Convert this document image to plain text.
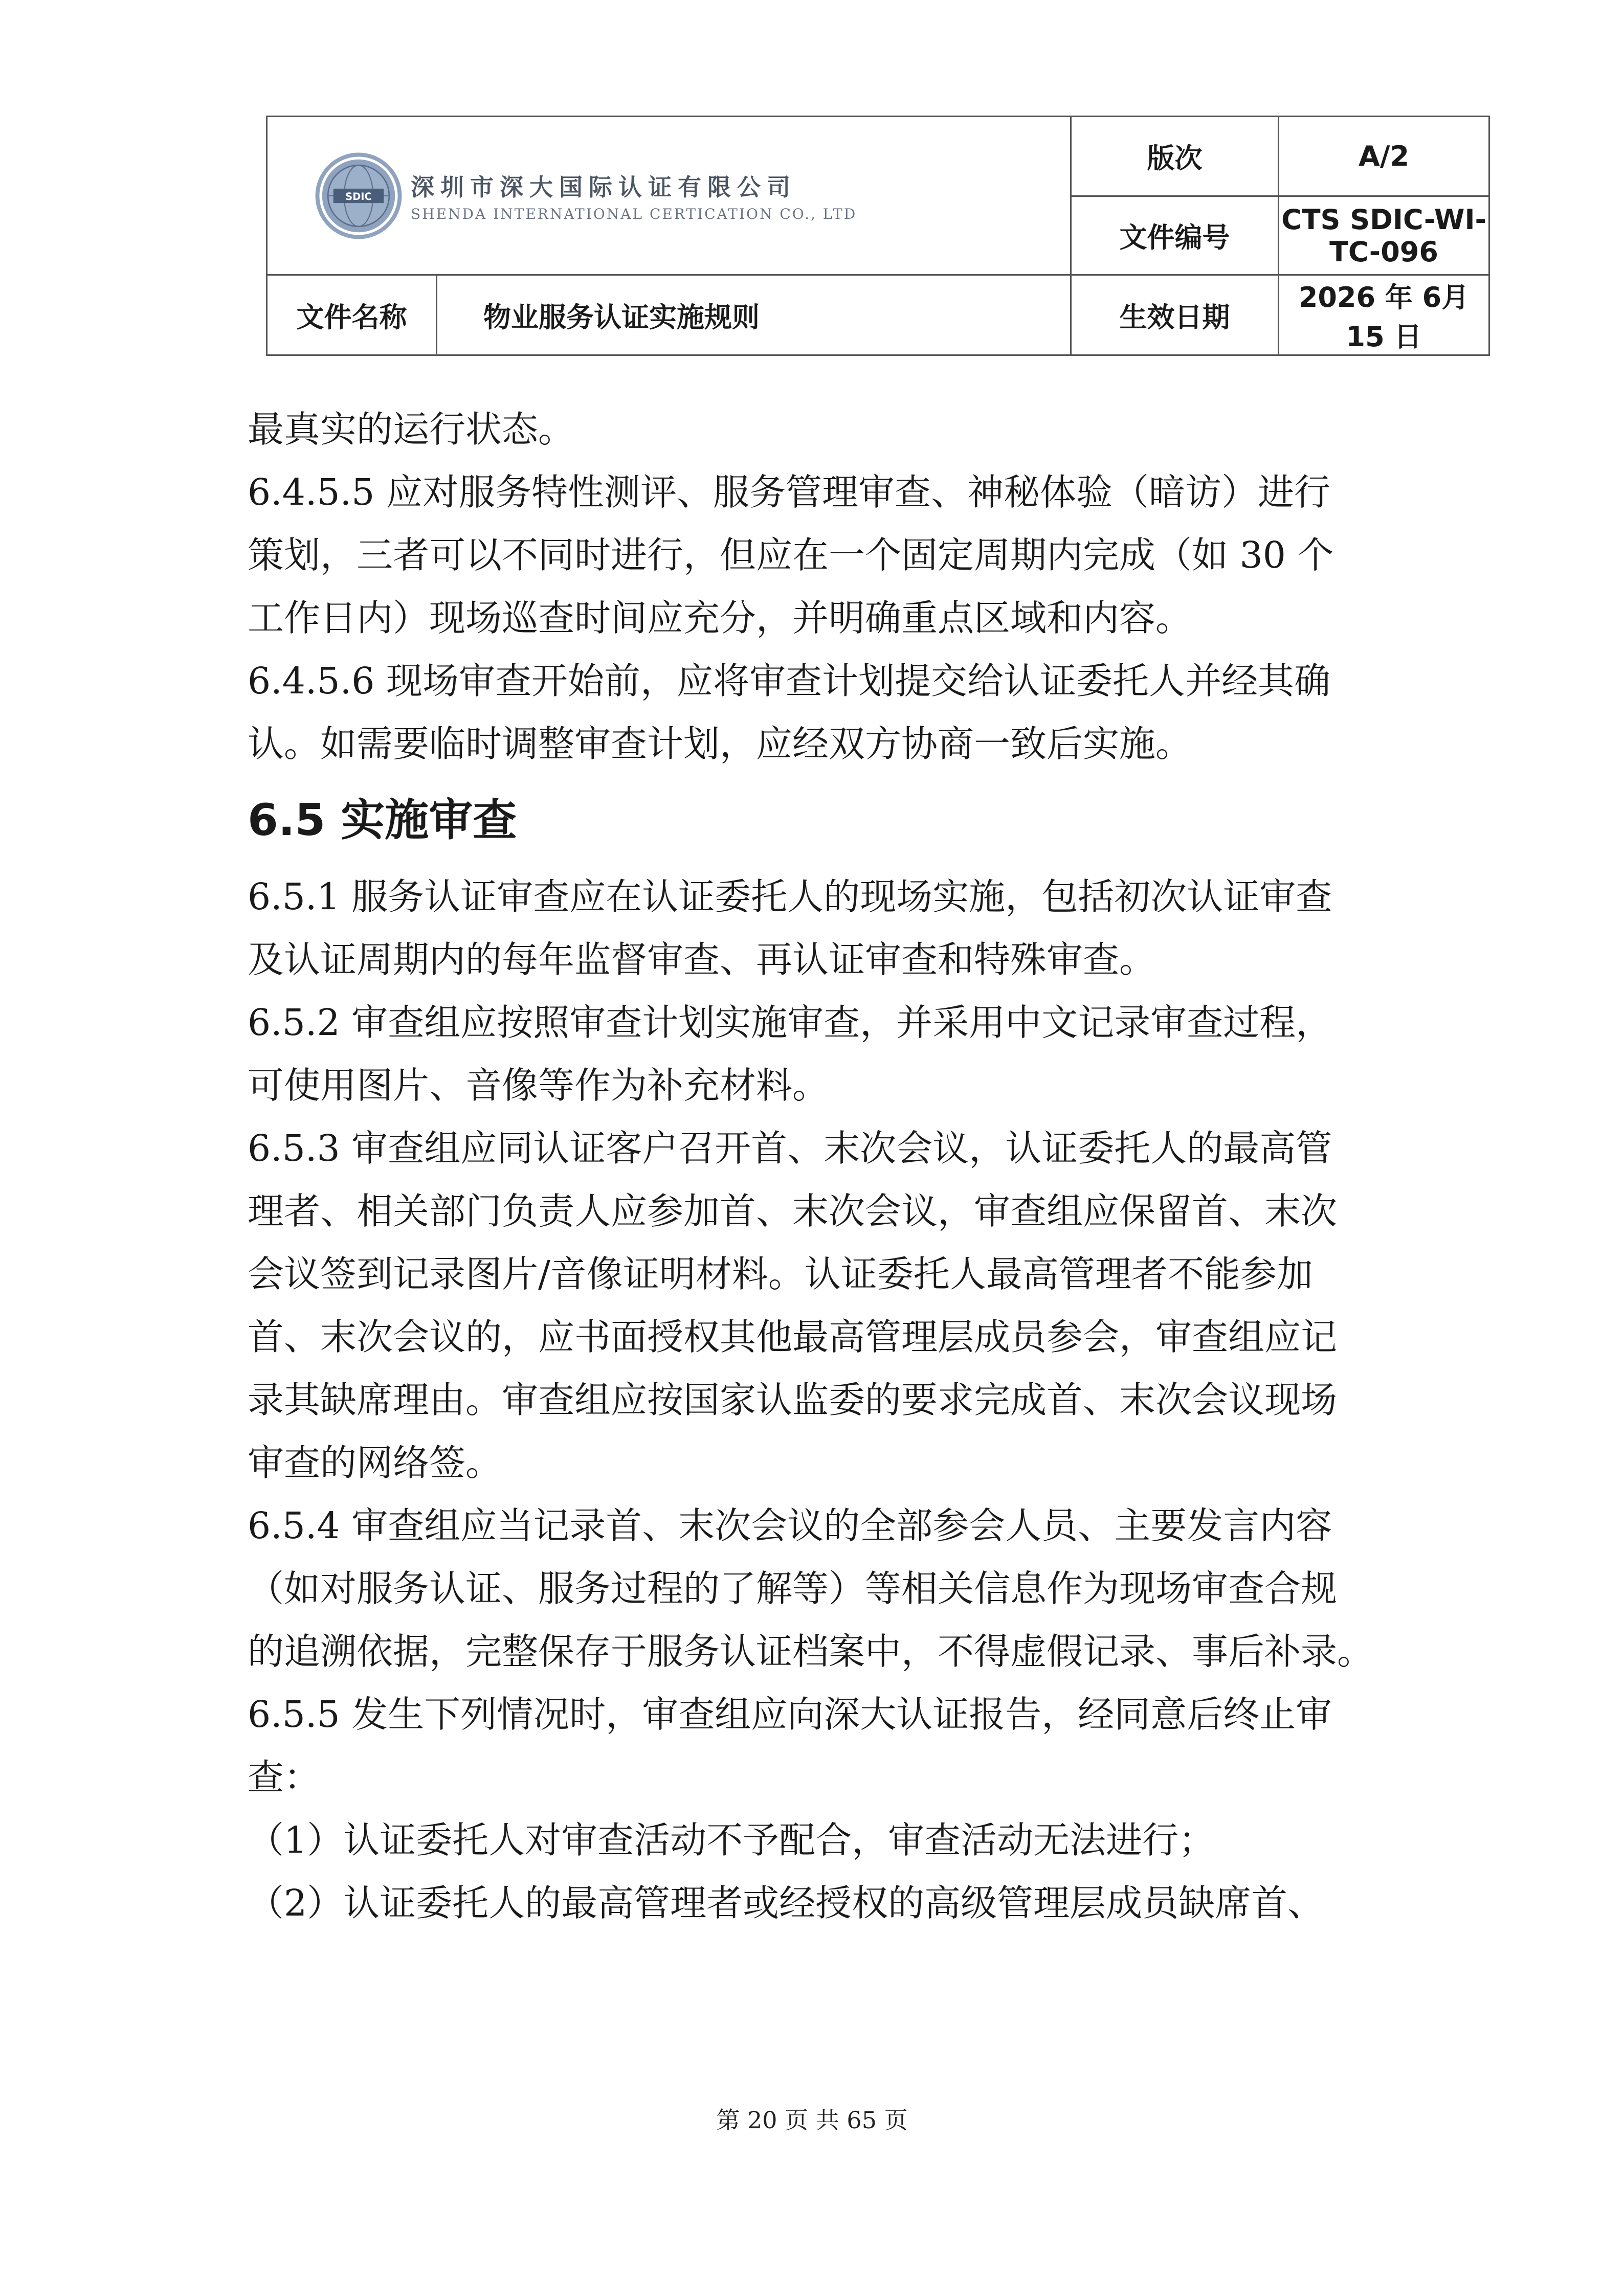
SDIC 深圳市深大国际认证有限公司
SHENDA INTERNATIONAL CERTICATION CO., LTD		版次	A/2
		文件编号	CTS SDIC-WI-TC-096
文件名称	物业服务认证实施规则	生效日期	2026 年 6月 15 日

最真实的运行状态。

6.4.5.5 应对服务特性测评、服务管理审查、神秘体验（暗访）进行

策划，三者可以不同时进行，但应在一个固定周期内完成（如 30 个

工作日内）现场巡查时间应充分，并明确重点区域和内容。

6.4.5.6 现场审查开始前，应将审查计划提交给认证委托人并经其确

认。如需要临时调整审查计划，应经双方协商一致后实施。

6.5 实施审查

6.5.1 服务认证审查应在认证委托人的现场实施，包括初次认证审查

及认证周期内的每年监督审查、再认证审查和特殊审查。

6.5.2 审查组应按照审查计划实施审查，并采用中文记录审查过程，

可使用图片、音像等作为补充材料。

6.5.3 审查组应同认证客户召开首、末次会议，认证委托人的最高管

理者、相关部门负责人应参加首、末次会议，审查组应保留首、末次

会议签到记录图片/音像证明材料。认证委托人最高管理者不能参加

首、末次会议的，应书面授权其他最高管理层成员参会，审查组应记

录其缺席理由。审查组应按国家认监委的要求完成首、末次会议现场

审查的网络签。

6.5.4 审查组应当记录首、末次会议的全部参会人员、主要发言内容

（如对服务认证、服务过程的了解等）等相关信息作为现场审查合规

的追溯依据，完整保存于服务认证档案中，不得虚假记录、事后补录。

6.5.5 发生下列情况时，审查组应向深大认证报告，经同意后终止审

查：

（1）认证委托人对审查活动不予配合，审查活动无法进行；

（2）认证委托人的最高管理者或经授权的高级管理层成员缺席首、

第 20 页 共 65 页
